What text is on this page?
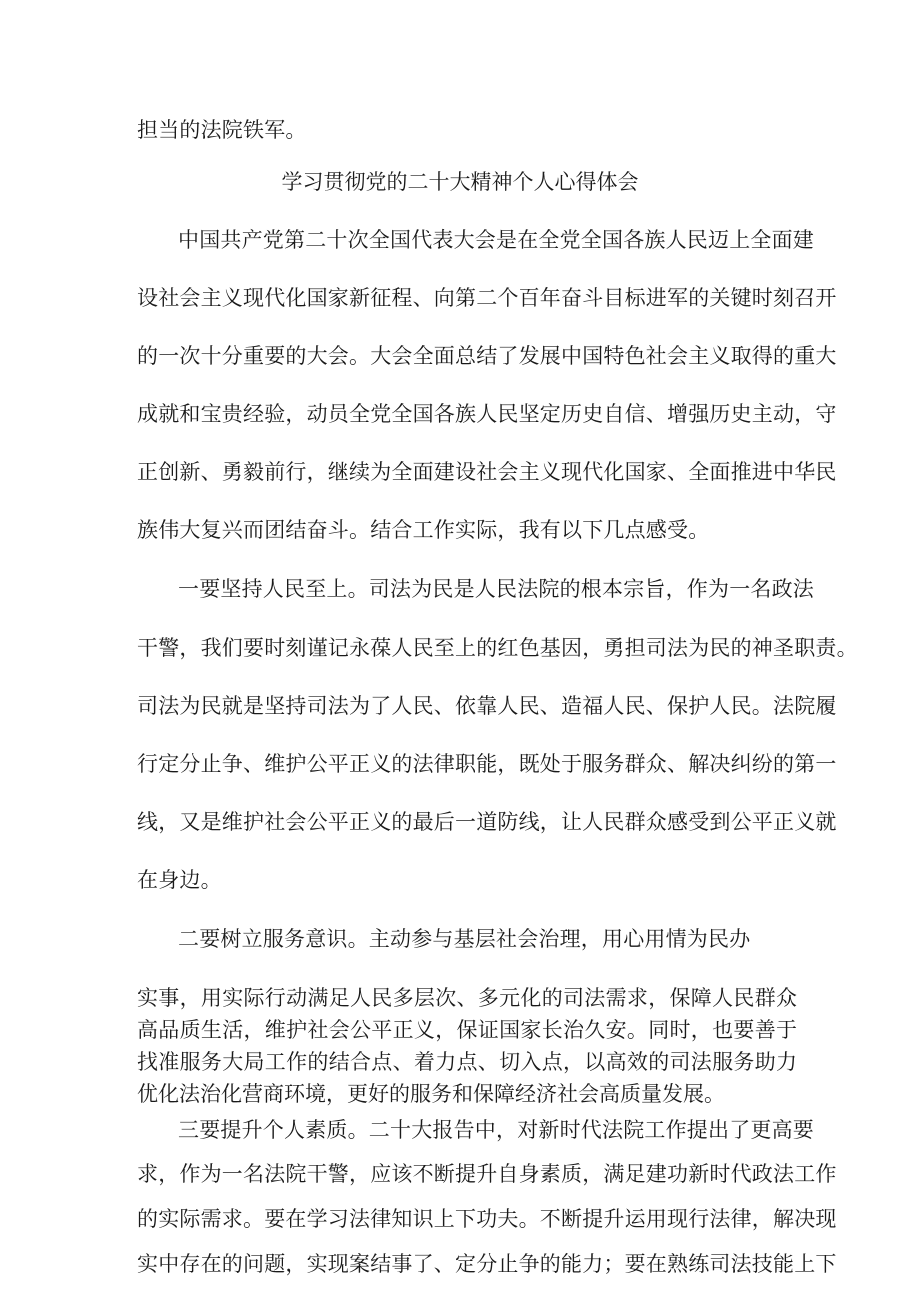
担当的法院铁军。

学习贯彻党的二十大精神个人心得体会

中国共产党第二十次全国代表大会是在全党全国各族人民迈上全面建

设社会主义现代化国家新征程、向第二个百年奋斗目标进军的关键时刻召开

的一次十分重要的大会。大会全面总结了发展中国特色社会主义取得的重大

成就和宝贵经验，动员全党全国各族人民坚定历史自信、增强历史主动，守

正创新、勇毅前行，继续为全面建设社会主义现代化国家、全面推进中华民

族伟大复兴而团结奋斗。结合工作实际，我有以下几点感受。

一要坚持人民至上。司法为民是人民法院的根本宗旨，作为一名政法

干警，我们要时刻谨记永葆人民至上的红色基因，勇担司法为民的神圣职责。

司法为民就是坚持司法为了人民、依靠人民、造福人民、保护人民。法院履

行定分止争、维护公平正义的法律职能，既处于服务群众、解决纠纷的第一

线，又是维护社会公平正义的最后一道防线，让人民群众感受到公平正义就

在身边。

二要树立服务意识。主动参与基层社会治理，用心用情为民办

实事，用实际行动满足人民多层次、多元化的司法需求，保障人民群众高品质生活，维护社会公平正义，保证国家长治久安。同时，也要善于找准服务大局工作的结合点、着力点、切入点，以高效的司法服务助力优化法治化营商环境，更好的服务和保障经济社会高质量发展。

三要提升个人素质。二十大报告中，对新时代法院工作提出了更高要

求，作为一名法院干警，应该不断提升自身素质，满足建功新时代政法工作

的实际需求。要在学习法律知识上下功夫。不断提升运用现行法律，解决现

实中存在的问题，实现案结事了、定分止争的能力；要在熟练司法技能上下
